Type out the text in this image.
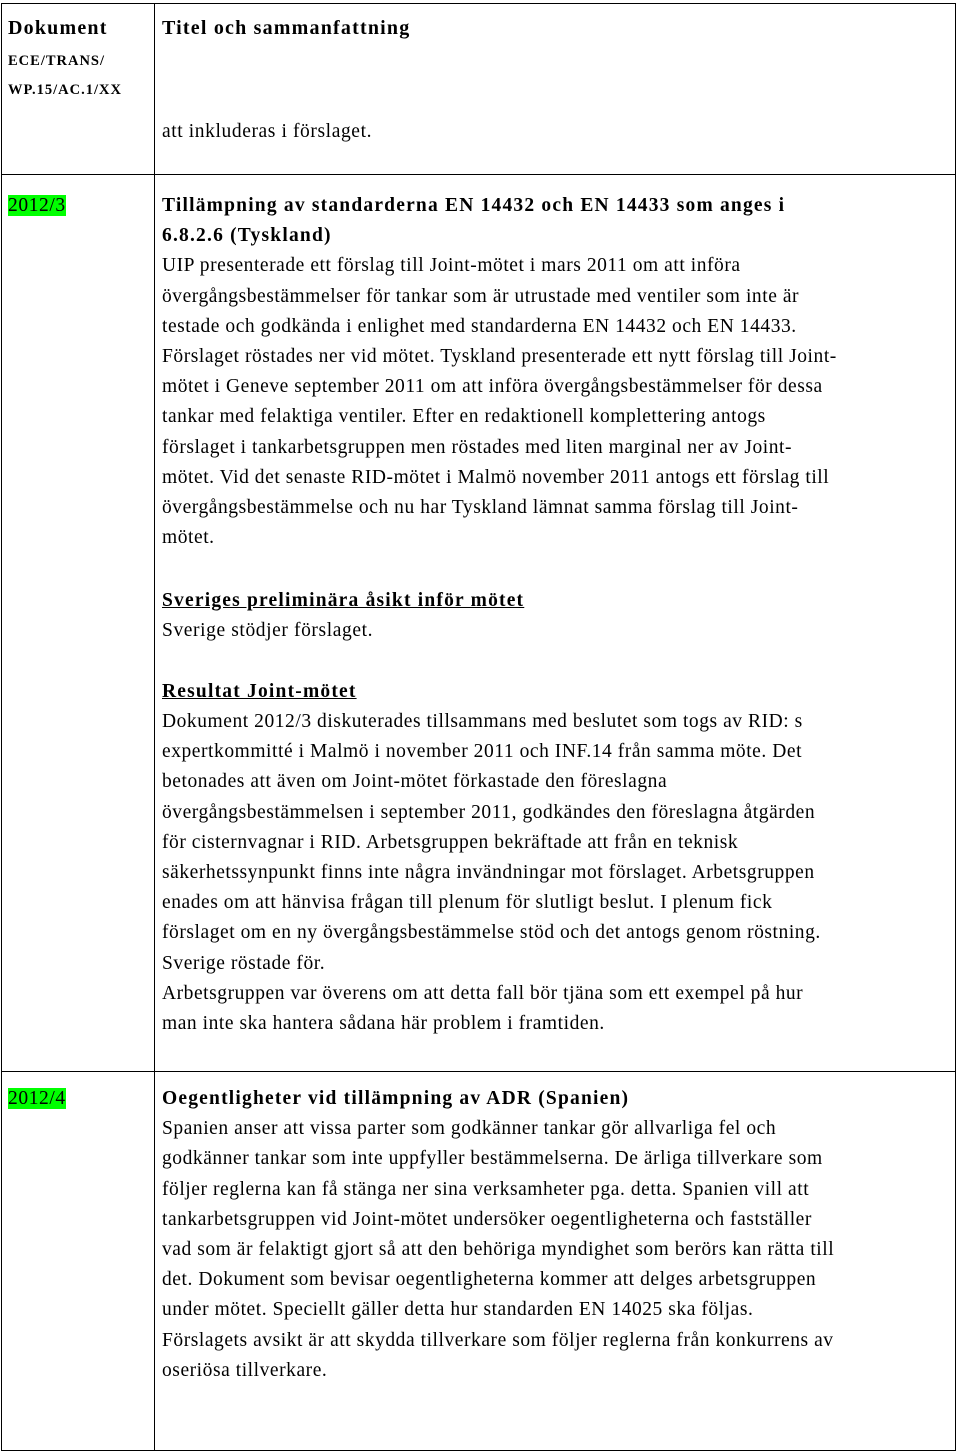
Dokument
ECE/TRANS/
WP.15/AC.1/XX
Titel och sammanfattning
att inkluderas i förslaget.
2012/3	Tillämpning av standarderna EN 14432 och EN 14433 som anges i
6.8.2.6 (Tyskland)
UIP presenterade ett förslag till Joint-mötet i mars 2011 om att införa
övergångsbestämmelser för tankar som är utrustade med ventiler som inte är
testade och godkända i enlighet med standarderna EN 14432 och EN 14433.
Förslaget röstades ner vid mötet. Tyskland presenterade ett nytt förslag till Joint-
mötet i Geneve september 2011 om att införa övergångsbestämmelser för dessa
tankar med felaktiga ventiler. Efter en redaktionell komplettering antogs
förslaget i tankarbetsgruppen men röstades med liten marginal ner av Joint-
mötet. Vid det senaste RID-mötet i Malmö november 2011 antogs ett förslag till
övergångsbestämmelse och nu har Tyskland lämnat samma förslag till Joint-
mötet.
Sveriges preliminära åsikt inför mötet
Sverige stödjer förslaget.
Resultat Joint-mötet
Dokument 2012/3 diskuterades tillsammans med beslutet som togs av RID: s
expertkommitté i Malmö i november 2011 och INF.14 från samma möte. Det
betonades att även om Joint-mötet förkastade den föreslagna
övergångsbestämmelsen i september 2011, godkändes den föreslagna åtgärden
för cisternvagnar i RID. Arbetsgruppen bekräftade att från en teknisk
säkerhetssynpunkt finns inte några invändningar mot förslaget. Arbetsgruppen
enades om att hänvisa frågan till plenum för slutligt beslut. I plenum fick
förslaget om en ny övergångsbestämmelse stöd och det antogs genom röstning.
Sverige röstade för.
Arbetsgruppen var överens om att detta fall bör tjäna som ett exempel på hur
man inte ska hantera sådana här problem i framtiden.
2012/4	Oegentligheter vid tillämpning av ADR (Spanien)
Spanien anser att vissa parter som godkänner tankar gör allvarliga fel och
godkänner tankar som inte uppfyller bestämmelserna. De ärliga tillverkare som
följer reglerna kan få stänga ner sina verksamheter pga. detta. Spanien vill att
tankarbetsgruppen vid Joint-mötet undersöker oegentligheterna och fastställer
vad som är felaktigt gjort så att den behöriga myndighet som berörs kan rätta till
det. Dokument som bevisar oegentligheterna kommer att delges arbetsgruppen
under mötet. Speciellt gäller detta hur standarden EN 14025 ska följas.
Förslagets avsikt är att skydda tillverkare som följer reglerna från konkurrens av
oseriösa tillverkare.
